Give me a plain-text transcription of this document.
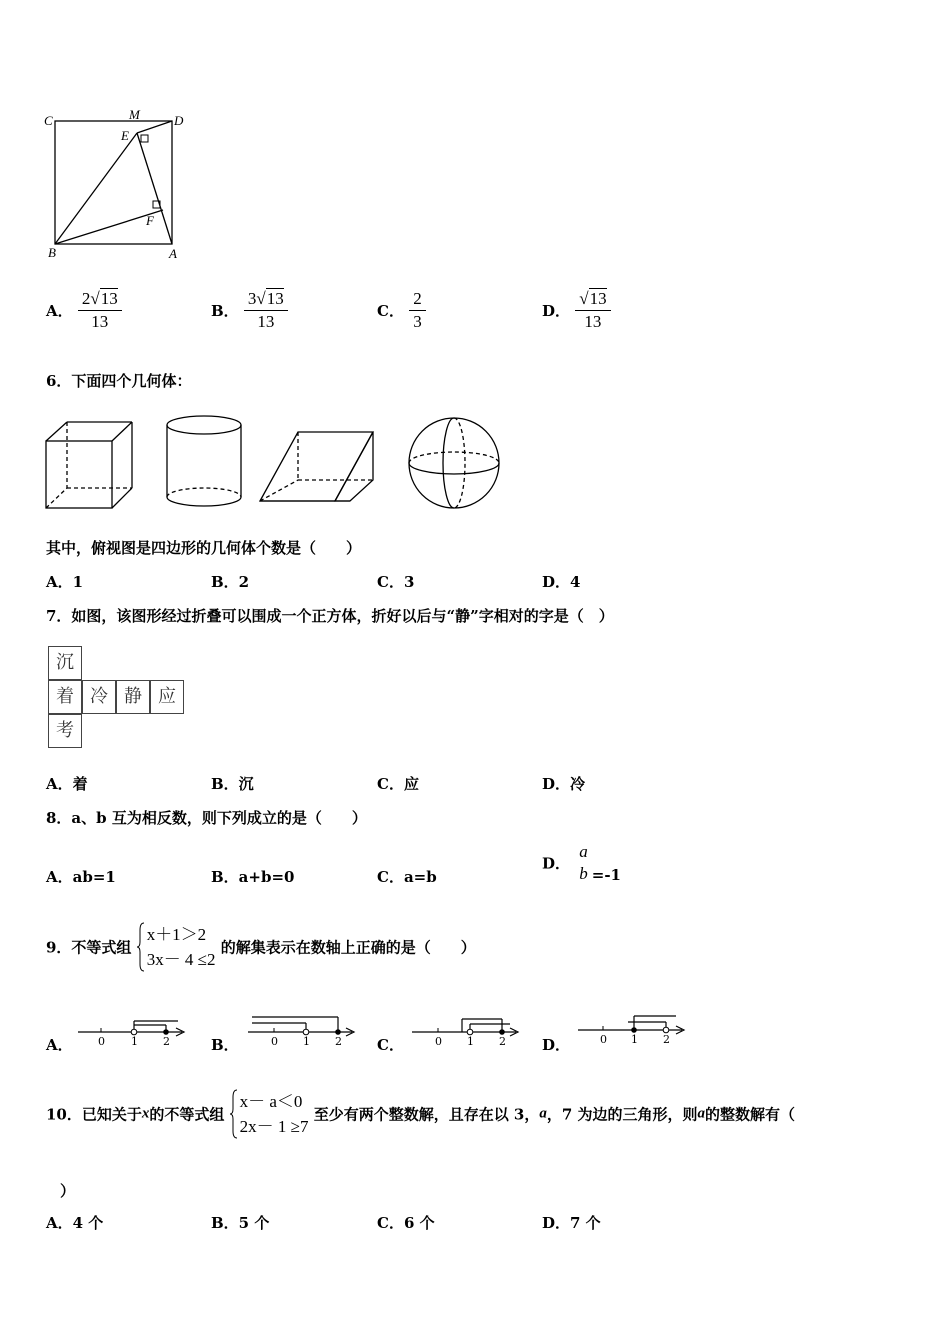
C	M	D
E
F
B	A
A． $\frac{2√13}{13}$	B． $\frac{3√13}{13}$	C． $\frac{2}{3}$	D． $\frac{√13}{13}$
6．下面四个几何体：
其中，俯视图是四边形的几何体个数是（　　）
A．1	B．2	C．3	D．4
7．如图，该图形经过折叠可以围成一个正方体，折好以后与“静”字相对的字是（　）
沉
着 冷 静 应
考
A．着	B．沉	C．应	D．冷
8．a、b 互为相反数，则下列成立的是（　　）
A．ab=1	B．a+b=0	C．a=b
D．
a
b =-1
9．不等式组
x＋1＞2
3x－ 4 ≤2
的解集表示在数轴上正确的是（　　）
A． 0 1 2	B．	0 1 2 C．	0 1 2 D．	0 1 2
10．已知关于x的不等式组
x－ a＜0
2x－ 1 ≥7
至少有两个整数解，且存在以 3，a，7 为边的三角形，则a的整数解有（
）
A．4 个	B．5 个	C．6 个	D．7 个
